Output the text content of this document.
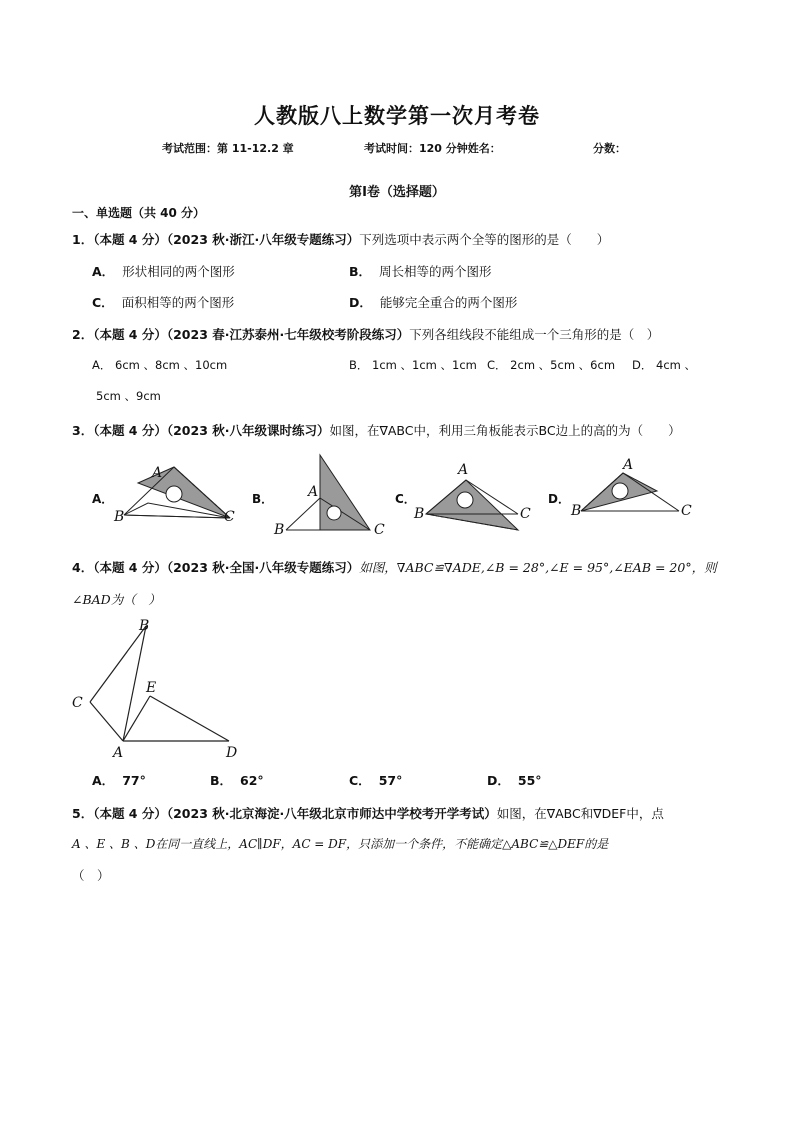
人教版八上数学第一次月考卷
考试范围：第 11-12.2 章	考试时间：120 分钟姓名：	分数：
第Ⅰ卷（选择题）
一、单选题（共 40 分）
1．（本题 4 分）（2023 秋·浙江·八年级专题练习）下列选项中表示两个全等的图形的是（　　）
A． 形状相同的两个图形	B． 周长相等的两个图形
C． 面积相等的两个图形	D． 能够完全重合的两个图形
2．（本题 4 分）（2023 春·江苏泰州·七年级校考阶段练习）下列各组线段不能组成一个三角形的是（　）
A． 6cm 、8cm 、10cm	B． 1cm 、1cm 、1cm C． 2cm 、5cm 、6cm D． 4cm 、
5cm 、9cm
3．（本题 4 分）（2023 秋·八年级课时练习）如图，在∇ABC中，利用三角板能表示BC边上的高的为（　　）
A．	B．	C．	D．
A
B	C
A
B	C
A
B	C
A
B	C
4．（本题 4 分）（2023 秋·全国·八年级专题练习）如图，∇ABC≌∇ADE,∠B = 28°,∠E = 95°,∠EAB = 20°，则
∠BAD为（　）
A
B
C
D
E
A． 77°	B． 62°	C． 57°	D． 55°
5．（本题 4 分）（2023 秋·北京海淀·八年级北京市师达中学校考开学考试）如图，在∇ABC和∇DEF中，点
A 、E 、B 、D在同一直线上，AC∥DF，AC = DF，只添加一个条件，不能确定△ABC≌△DEF的是
（　）
